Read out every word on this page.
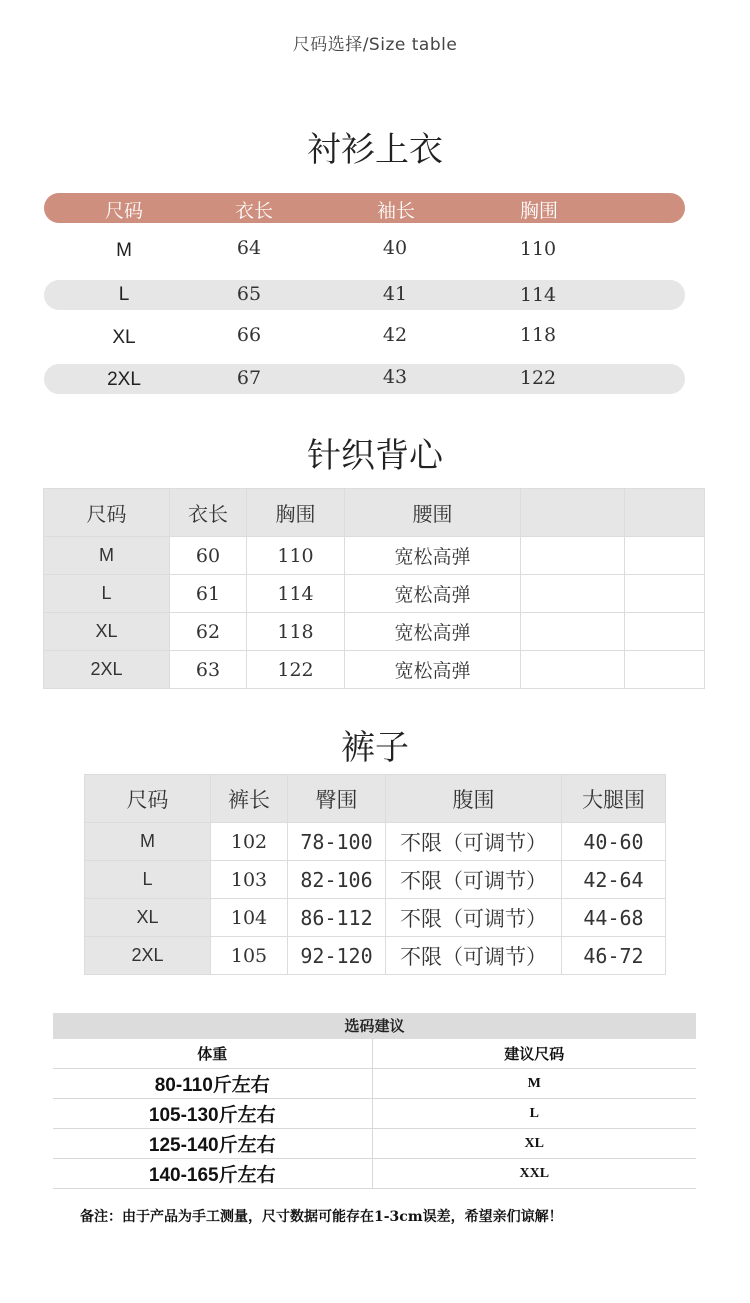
尺码选择/Size table
衬衫上衣
尺码	衣长	袖长	胸围
M	64	40	110
L	65	41	114
XL	66	42	118
2XL	67	43	122
针织背心
尺码	衣长	胸围	腰围		
M	60	110	宽松高弹		
L	61	114	宽松高弹		
XL	62	118	宽松高弹		
2XL	63	122	宽松高弹		
裤子
尺码	裤长	臀围	腹围	大腿围
M	102	78-100	不限（可调节）	40-60
L	103	82-106	不限（可调节）	42-64
XL	104	86-112	不限（可调节）	44-68
2XL	105	92-120	不限（可调节）	46-72
选码建议
体重	建议尺码
80-110斤左右	M
105-130斤左右	L
125-140斤左右	XL
140-165斤左右	XXL
备注：由于产品为手工测量，尺寸数据可能存在1-3cm误差，希望亲们谅解！
